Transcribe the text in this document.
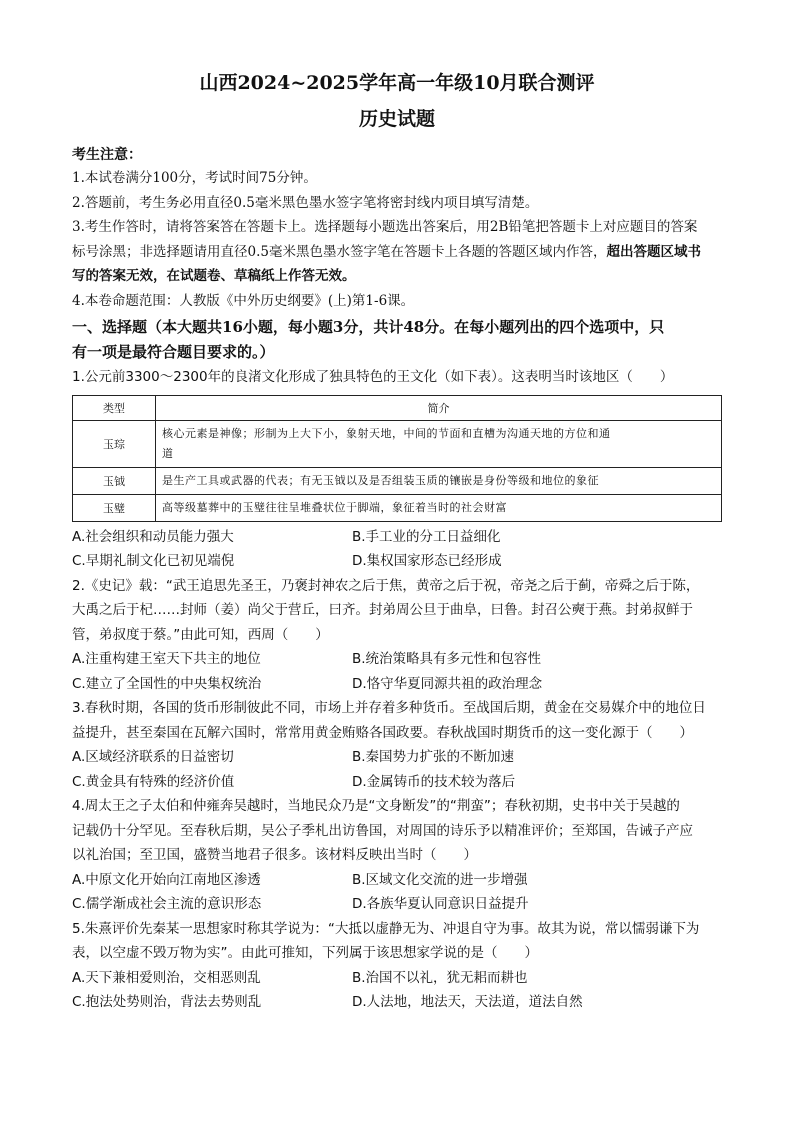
山西2024~2025学年高一年级10月联合测评
历史试题
考生注意：
1.本试卷满分100分，考试时间75分钟。
2.答题前，考生务必用直径0.5毫米黑色墨水签字笔将密封线内项目填写清楚。
3.考生作答时，请将答案答在答题卡上。选择题每小题选出答案后，用2B铅笔把答题卡上对应题目的答案
标号涂黑；非选择题请用直径0.5毫米黑色墨水签字笔在答题卡上各题的答题区域内作答，超出答题区域书
写的答案无效，在试题卷、草稿纸上作答无效。
4.本卷命题范围：人教版《中外历史纲要》(上)第1-6课。
一、选择题（本大题共16小题，每小题3分，共计48分。在每小题列出的四个选项中，只
有一项是最符合题目要求的。）
1.公元前3300～2300年的良渚文化形成了独具特色的王文化（如下表）。这表明当时该地区（　　）
类型	简介
玉琮	核心元素是神像；形制为上大下小，象射天地，中间的节面和直槽为沟通天地的方位和通
道

玉钺	是生产工具或武器的代表；有无玉钺以及是否组装玉质的镶嵌是身份等级和地位的象征
玉璧	高等级墓葬中的玉璧往往呈堆叠状位于脚端，象征着当时的社会财富
A.社会组织和动员能力强大	B.手工业的分工日益细化
C.早期礼制文化已初见端倪	D.集权国家形态已经形成
2.《史记》载：“武王追思先圣王，乃褒封神农之后于焦，黄帝之后于祝，帝尧之后于蓟，帝舜之后于陈，
大禹之后于杞……封师（姜）尚父于营丘，曰齐。封弟周公旦于曲阜，曰鲁。封召公奭于燕。封弟叔鲜于
管，弟叔度于蔡。”由此可知，西周（　　）
A.注重构建王室天下共主的地位	B.统治策略具有多元性和包容性
C.建立了全国性的中央集权统治	D.恪守华夏同源共祖的政治理念
3.春秋时期，各国的货币形制彼此不同，市场上并存着多种货币。至战国后期，黄金在交易媒介中的地位日
益提升，甚至秦国在瓦解六国时，常常用黄金贿赂各国政要。春秋战国时期货币的这一变化源于（　　）
A.区域经济联系的日益密切	B.秦国势力扩张的不断加速
C.黄金具有特殊的经济价值	D.金属铸币的技术较为落后
4.周太王之子太伯和仲雍奔吴越时，当地民众乃是“文身断发”的“荆蛮”；春秋初期，史书中关于吴越的
记载仍十分罕见。至春秋后期，吴公子季札出访鲁国，对周国的诗乐予以精准评价；至郑国，告诫子产应
以礼治国；至卫国，盛赞当地君子很多。该材料反映出当时（　　）
A.中原文化开始向江南地区渗透	B.区域文化交流的进一步增强
C.儒学渐成社会主流的意识形态	D.各族华夏认同意识日益提升
5.朱熹评价先秦某一思想家时称其学说为：“大抵以虚静无为、冲退自守为事。故其为说，常以懦弱谦下为
表，以空虚不毁万物为实”。由此可推知，下列属于该思想家学说的是（　　）
A.天下兼相爱则治，交相恶则乱	B.治国不以礼，犹无耜而耕也
C.抱法处势则治，背法去势则乱	D.人法地，地法天，天法道，道法自然
